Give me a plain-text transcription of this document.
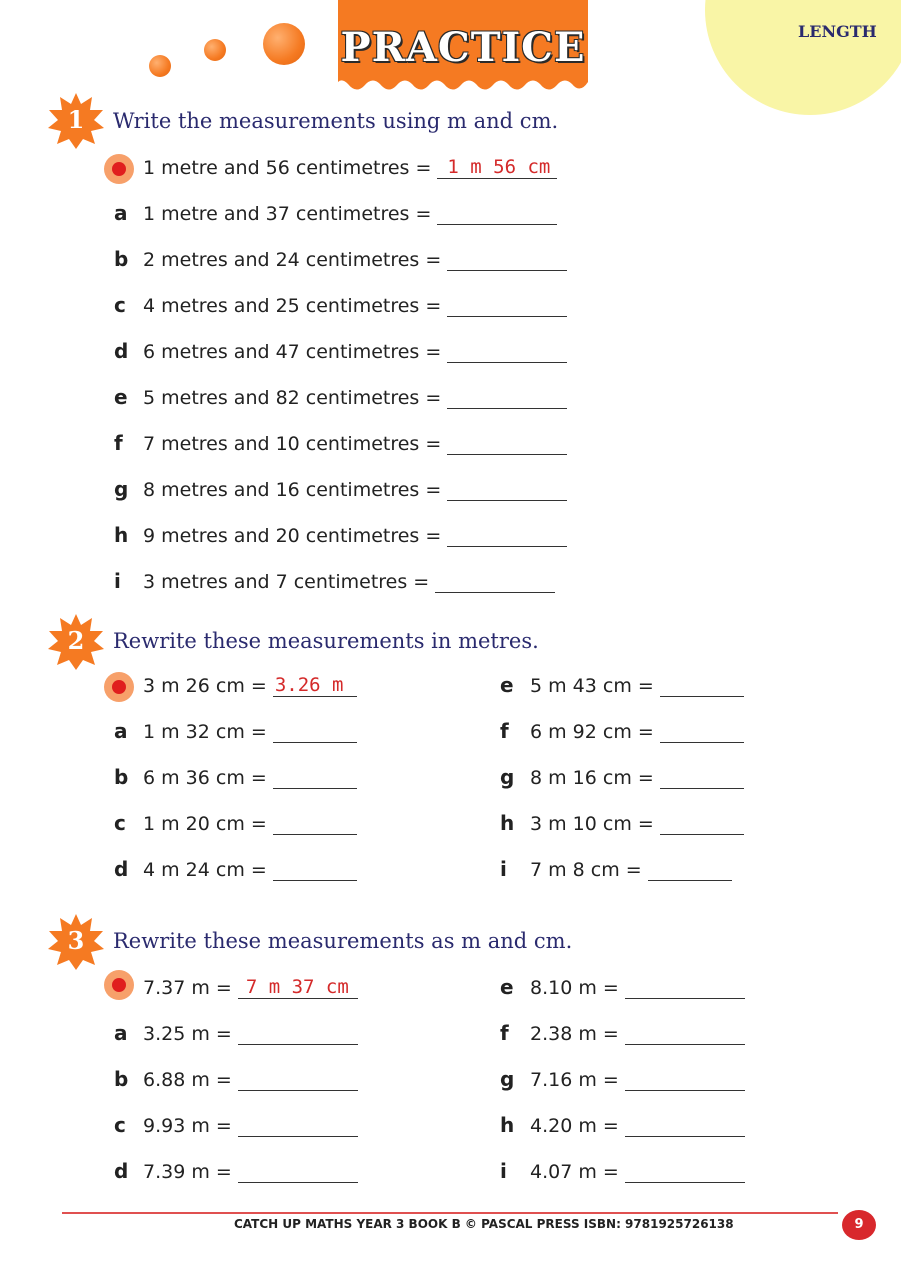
LENGTH
PRACTICE
1	Write the measurements using m and cm.
1 metre and 56 centimetres = 1 m 56 cm
a 1 metre and 37 centimetres =
b 2 metres and 24 centimetres =
c 4 metres and 25 centimetres =
d 6 metres and 47 centimetres =
e 5 metres and 82 centimetres =
f 7 metres and 10 centimetres =
g 8 metres and 16 centimetres =
h 9 metres and 20 centimetres =
i 3 metres and 7 centimetres =
2	Rewrite these measurements in metres.
3 m 26 cm = 3.26 m
a 1 m 32 cm =
b 6 m 36 cm =
c 1 m 20 cm =
d 4 m 24 cm =
e 5 m 43 cm =
f 6 m 92 cm =
g 8 m 16 cm =
h 3 m 10 cm =
i 7 m 8 cm =
3	Rewrite these measurements as m and cm.
7.37 m = 7 m 37 cm
a 3.25 m =
b 6.88 m =
c 9.93 m =
d 7.39 m =
e 8.10 m =
f 2.38 m =
g 7.16 m =
h 4.20 m =
i 4.07 m =
CATCH UP MATHS YEAR 3 BOOK B © PASCAL PRESS ISBN: 9781925726138	9
